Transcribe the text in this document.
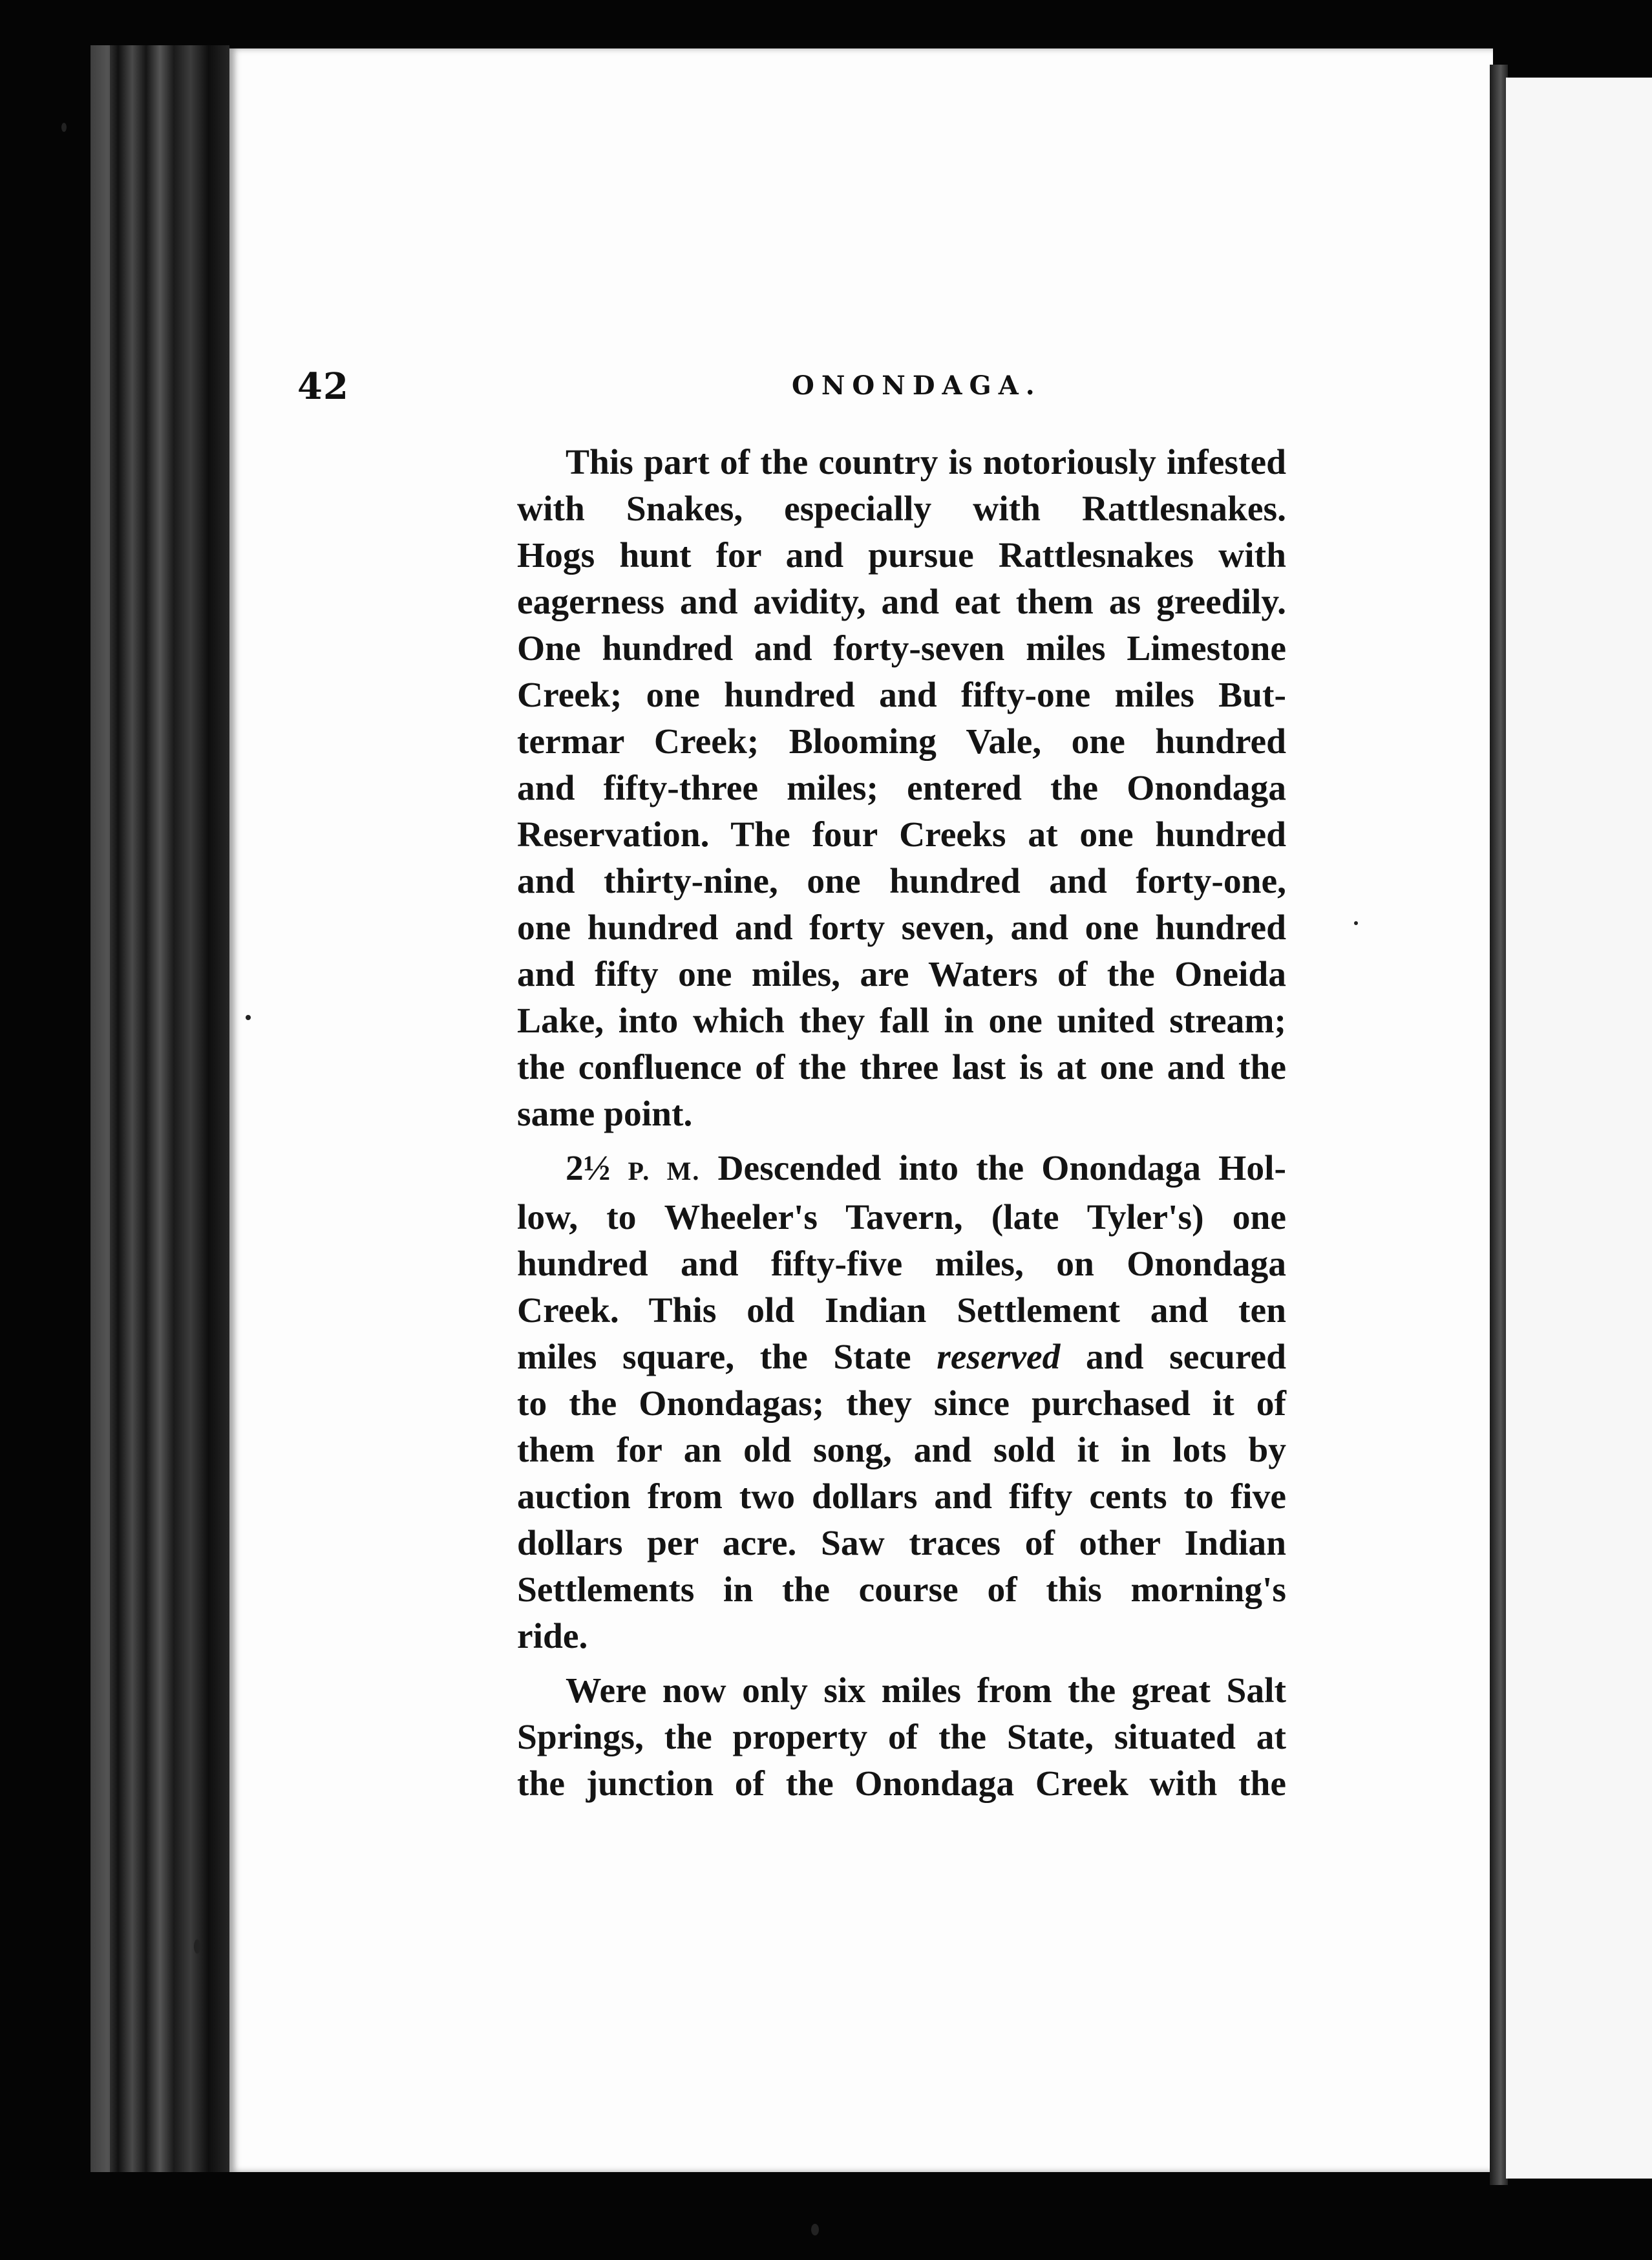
42	ONONDAGA.
This part of the country is notoriously infested
with Snakes, especially with Rattlesnakes.
Hogs hunt for and pursue Rattlesnakes with
eagerness and avidity, and eat them as greedily.
One hundred and forty-seven miles Limestone
Creek; one hundred and fifty-one miles But-
termar Creek; Blooming Vale, one hundred
and fifty-three miles; entered the Onondaga
Reservation. The four Creeks at one hundred
and thirty-nine, one hundred and forty-one,
one hundred and forty seven, and one hundred
and fifty one miles, are Waters of the Oneida
Lake, into which they fall in one united stream;
the confluence of the three last is at one and the
same point.
2½ P. M. Descended into the Onondaga Hol-
low, to Wheeler's Tavern, (late Tyler's) one
hundred and fifty-five miles, on Onondaga
Creek. This old Indian Settlement and ten
miles square, the State reserved and secured
to the Onondagas; they since purchased it of
them for an old song, and sold it in lots by
auction from two dollars and fifty cents to five
dollars per acre. Saw traces of other Indian
Settlements in the course of this morning's
ride.
Were now only six miles from the great Salt
Springs, the property of the State, situated at
the junction of the Onondaga Creek with the
